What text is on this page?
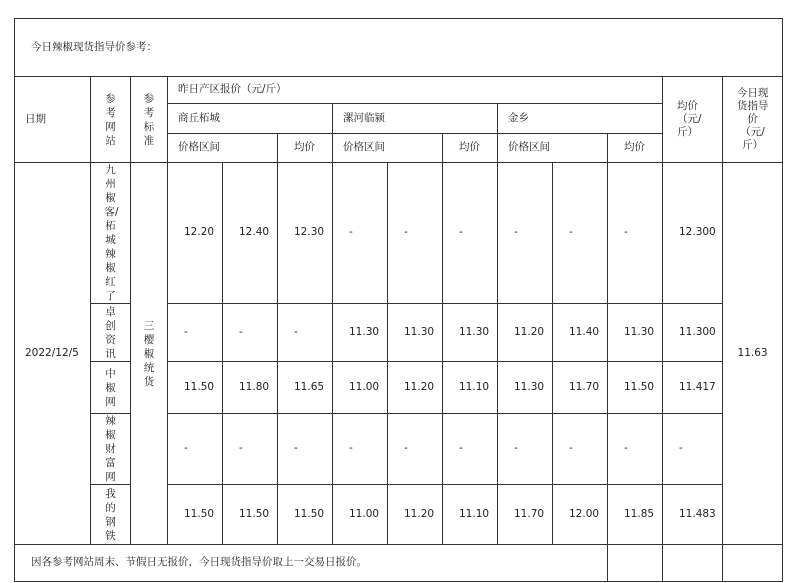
今日辣椒现货指导价参考：													
日期	参考网站	参考标准	昨日产区报价（元/斤）									均价（元/斤）	今日现货指导价（元/斤）

			商丘柘城			漯河临颍			金乡				
			价格区间		均价	价格区间		均价	价格区间		均价		
2022/12/5	九州椒客/柘城辣椒红了	三樱椒统货	12.20	12.40	12.30	-	-	-	-	-	-	12.300	11.63

	卓创资讯		-	-	-	11.30	11.30	11.30	11.20	11.40	11.30	11.300	

	中椒网		11.50	11.80	11.65	11.00	11.20	11.10	11.30	11.70	11.50	11.417	

	辣椒财富网		-	-	-	-	-	-	-	-	-	-	

	我的钢铁		11.50	11.50	11.50	11.00	11.20	11.10	11.70	12.00	11.85	11.483	
因各参考网站周末、节假日无报价，今日现货指导价取上一交易日报价。													
